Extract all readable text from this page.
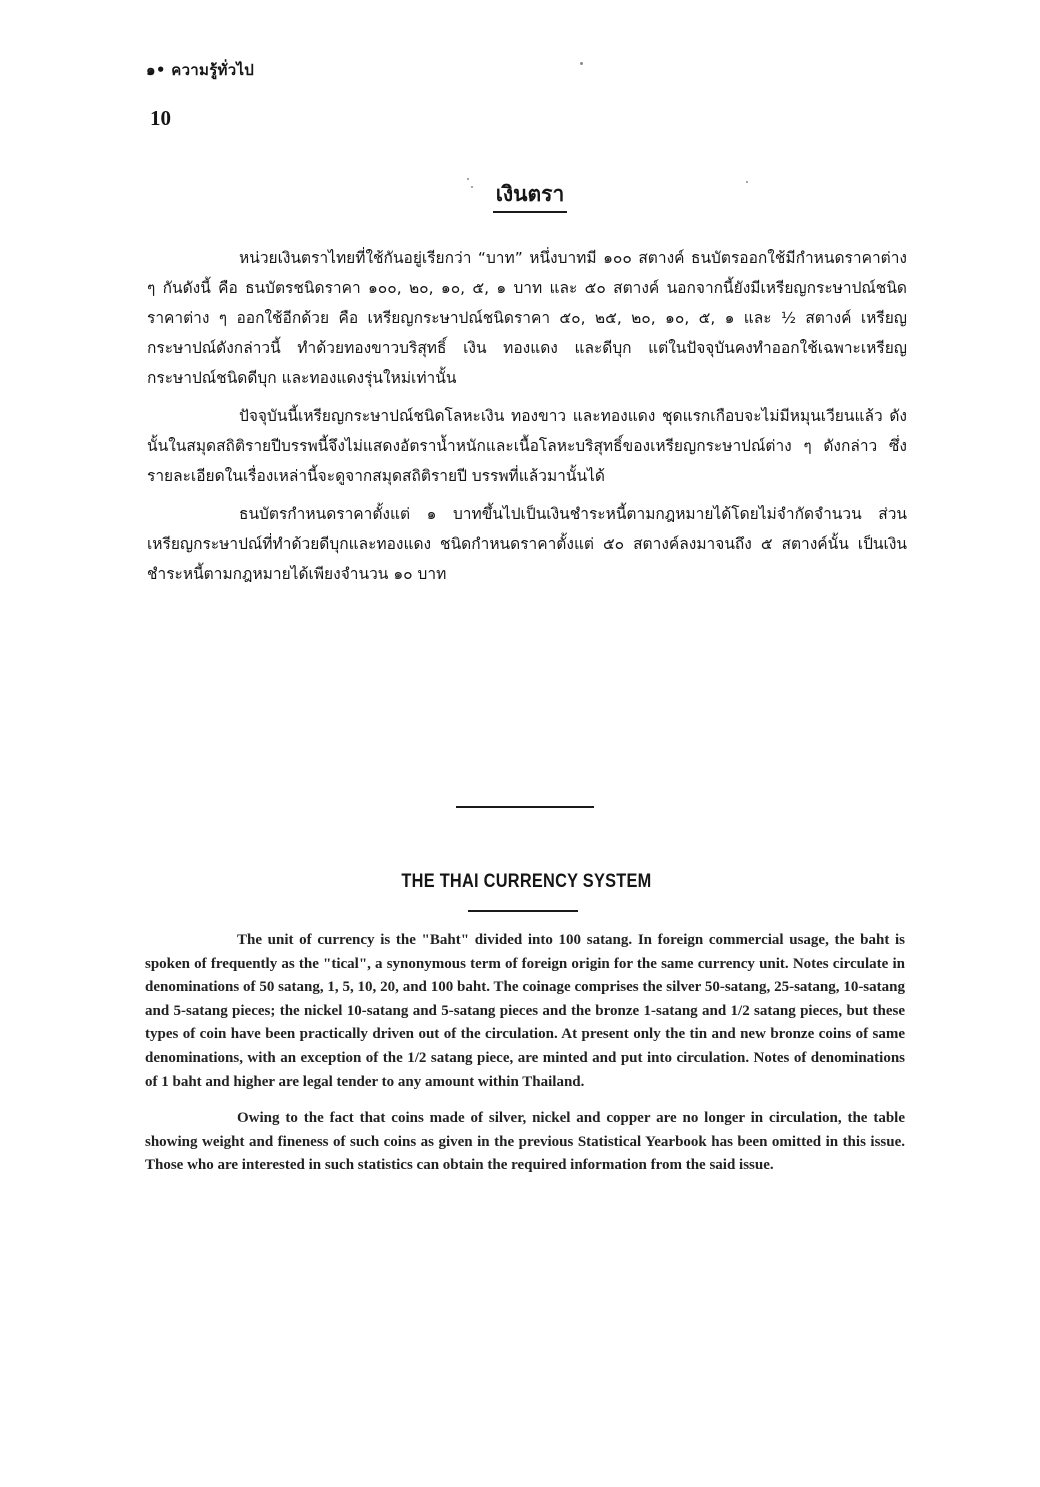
๑• ความรู้ทั่วไป
10
เงินตรา

หน่วยเงินตราไทยที่ใช้กันอยู่เรียกว่า “บาท” หนึ่งบาทมี ๑๐๐ สตางค์ ธนบัตรออกใช้มีกำหนดราคาต่าง ๆ กันดังนี้ คือ ธนบัตรชนิดราคา ๑๐๐, ๒๐, ๑๐, ๕, ๑ บาท และ ๕๐ สตางค์ นอกจากนี้ยังมีเหรียญกระษาปณ์ชนิดราคาต่าง ๆ ออกใช้อีกด้วย คือ เหรียญกระษาปณ์ชนิดราคา ๕๐, ๒๕, ๒๐, ๑๐, ๕, ๑ และ ½ สตางค์ เหรียญกระษาปณ์ดังกล่าวนี้ ทำด้วยทองขาวบริสุทธิ์ เงิน ทองแดง และดีบุก แต่ในปัจจุบันคงทำออกใช้เฉพาะเหรียญกระษาปณ์ชนิดดีบุก และทองแดงรุ่นใหม่เท่านั้น

ปัจจุบันนี้เหรียญกระษาปณ์ชนิดโลหะเงิน ทองขาว และทองแดง ชุดแรกเกือบจะไม่มีหมุนเวียนแล้ว ดังนั้นในสมุดสถิติรายปีบรรพนี้จึงไม่แสดงอัตราน้ำหนักและเนื้อโลหะบริสุทธิ์ของเหรียญกระษาปณ์ต่าง ๆ ดังกล่าว ซึ่งรายละเอียดในเรื่องเหล่านี้จะดูจากสมุดสถิติรายปี บรรพที่แล้วมานั้นได้

ธนบัตรกำหนดราคาตั้งแต่ ๑ บาทขึ้นไปเป็นเงินชำระหนี้ตามกฎหมายได้โดยไม่จำกัดจำนวน ส่วนเหรียญกระษาปณ์ที่ทำด้วยดีบุกและทองแดง ชนิดกำหนดราคาตั้งแต่ ๕๐ สตางค์ลงมาจนถึง ๕ สตางค์นั้น เป็นเงินชำระหนี้ตามกฎหมายได้เพียงจำนวน ๑๐ บาท

THE THAI CURRENCY SYSTEM

The unit of currency is the "Baht" divided into 100 satang. In foreign commercial usage, the baht is spoken of frequently as the "tical", a synonymous term of foreign origin for the same currency unit. Notes circulate in denominations of 50 satang, 1, 5, 10, 20, and 100 baht. The coinage comprises the silver 50-satang, 25-satang, 10-satang and 5-satang pieces; the nickel 10-satang and 5-satang pieces and the bronze 1-satang and 1/2 satang pieces, but these types of coin have been practically driven out of the circulation. At present only the tin and new bronze coins of same denominations, with an exception of the 1/2 satang piece, are minted and put into circulation. Notes of denominations of 1 baht and higher are legal tender to any amount within Thailand.

Owing to the fact that coins made of silver, nickel and copper are no longer in circulation, the table showing weight and fineness of such coins as given in the previous Statistical Yearbook has been omitted in this issue. Those who are interested in such statistics can obtain the required information from the said issue.
